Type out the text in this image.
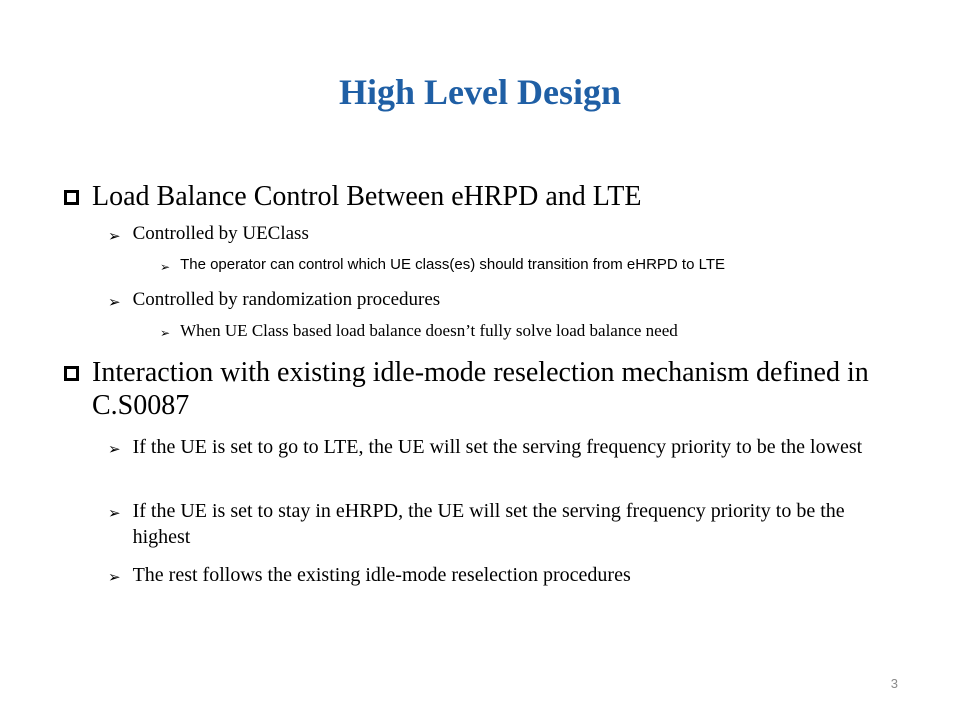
High Level Design
Load Balance Control Between eHRPD and LTE
➢ Controlled by UEClass
➢ The operator can control which UE class(es) should transition from eHRPD to LTE
➢ Controlled by randomization procedures
➢ When UE Class based load balance doesn’t fully solve load balance need
Interaction with existing idle-mode reselection mechanism defined in C.S0087
➢ If the UE is set to go to LTE, the UE will set the serving frequency priority to be the lowest
➢ If the UE is set to stay in eHRPD, the UE will set the serving frequency priority to be the highest
➢ The rest follows the existing idle-mode reselection procedures
3
